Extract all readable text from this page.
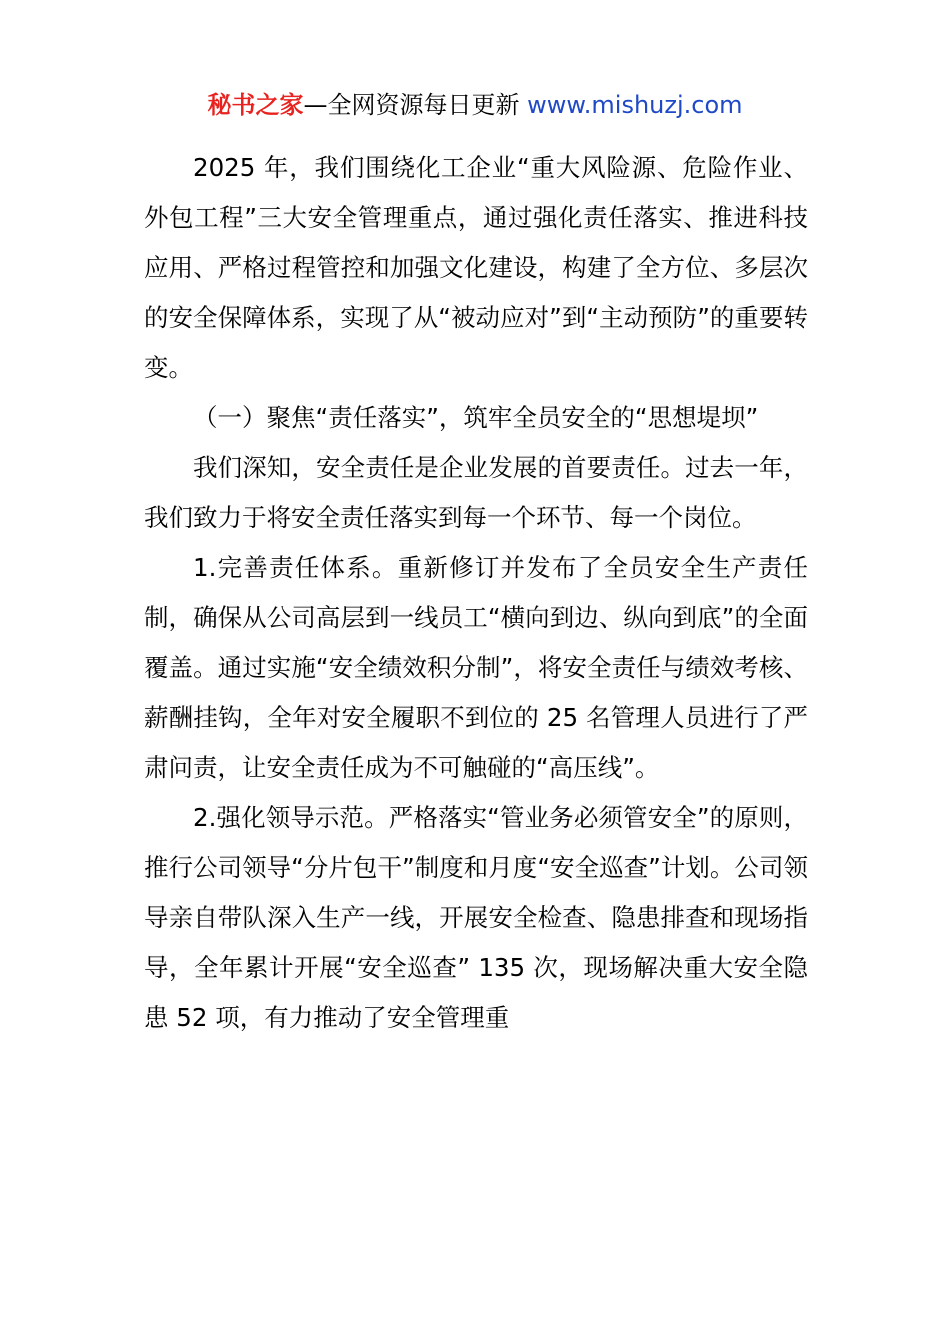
秘书之家—全网资源每日更新 www.mishuzj.com

2025 年，我们围绕化工企业“重大风险源、危险作业、外包工程”三大安全管理重点，通过强化责任落实、推进科技应用、严格过程管控和加强文化建设，构建了全方位、多层次的安全保障体系，实现了从“被动应对”到“主动预防”的重要转变。

（一）聚焦“责任落实”，筑牢全员安全的“思想堤坝”

我们深知，安全责任是企业发展的首要责任。过去一年，我们致力于将安全责任落实到每一个环节、每一个岗位。

1.完善责任体系。重新修订并发布了全员安全生产责任制，确保从公司高层到一线员工“横向到边、纵向到底”的全面覆盖。通过实施“安全绩效积分制”，将安全责任与绩效考核、薪酬挂钩，全年对安全履职不到位的 25 名管理人员进行了严肃问责，让安全责任成为不可触碰的“高压线”。

2.强化领导示范。严格落实“管业务必须管安全”的原则，推行公司领导“分片包干”制度和月度“安全巡查”计划。公司领导亲自带队深入生产一线，开展安全检查、隐患排查和现场指导，全年累计开展“安全巡查” 135 次，现场解决重大安全隐患 52 项，有力推动了安全管理重
